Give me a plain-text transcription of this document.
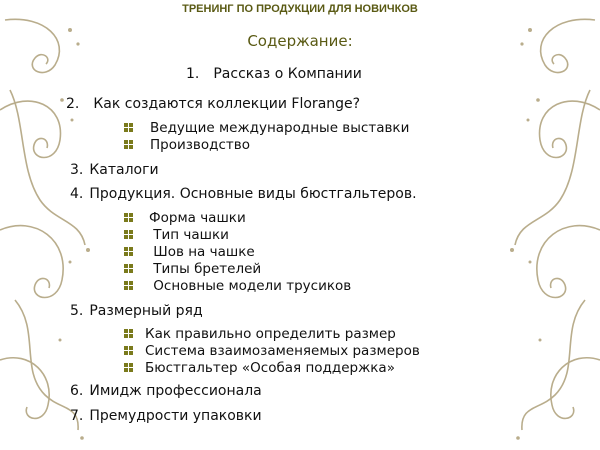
ТРЕНИНГ ПО ПРОДУКЦИИ ДЛЯ НОВИЧКОВ
Содержание:
1. Рассказ о Компании
2. Как создаются коллекции Florange?
Ведущие международные выставки
Производство
3. Каталоги
4. Продукция. Основные виды бюстгальтеров.
Форма чашки
Тип чашки
Шов на чашке
Типы бретелей
Основные модели трусиков
5. Размерный ряд
Как правильно определить размер
Система взаимозаменяемых размеров
Бюстгальтер «Особая поддержка»
6. Имидж профессионала
7. Премудрости упаковки
